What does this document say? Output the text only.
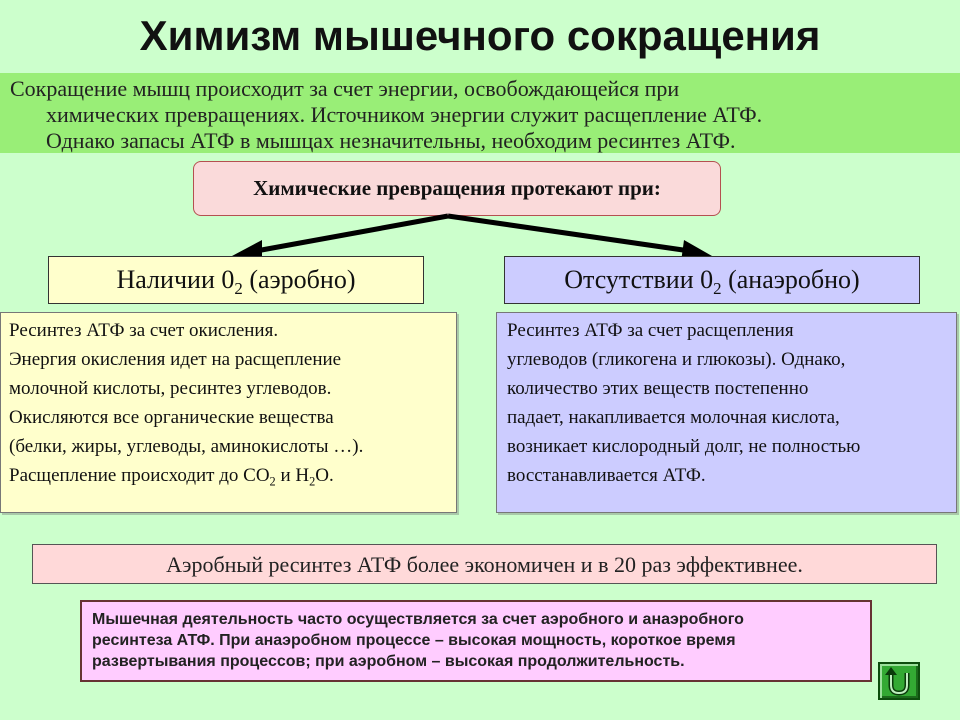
Химизм мышечного сокращения
Сокращение мышц происходит за счет энергии, освобождающейся при
химических превращениях. Источником энергии служит расщепление АТФ.
Однако запасы АТФ в мышцах незначительны, необходим ресинтез АТФ.
Химические превращения протекают при:
Наличии $0_2$ (аэробно)	Отсутствии $0_2$ (анаэробно)
Ресинтез АТФ за счет окисления.
Энергия окисления идет на расщепление
молочной кислоты, ресинтез углеводов.
Окисляются все органические вещества
(белки, жиры, углеводы, аминокислоты …).
Расщепление происходит до $СО_2$ и $Н_2О$.
Ресинтез АТФ за счет расщепления
углеводов (гликогена и глюкозы). Однако,
количество этих веществ постепенно
падает, накапливается молочная кислота,
возникает кислородный долг, не полностью
восстанавливается АТФ.
Аэробный ресинтез АТФ более экономичен и в 20 раз эффективнее.
Мышечная деятельность часто осуществляется за счет аэробного и анаэробного
ресинтеза АТФ. При анаэробном процессе – высокая мощность, короткое время
развертывания процессов; при аэробном – высокая продолжительность.
